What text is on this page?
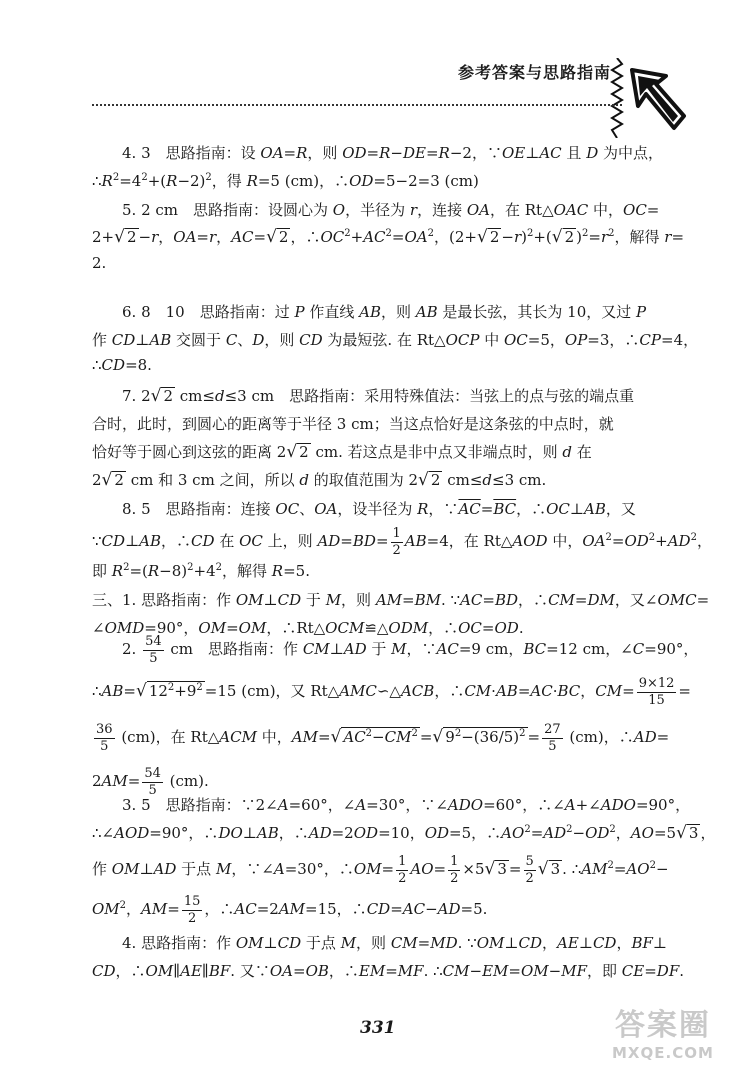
参考答案与思路指南
4. 3　思路指南：设 OA=R，则 OD=R−DE=R−2，∵OE⊥AC 且 D 为中点，
$\therefore R^2=4^2+(R-2)^2$，得 R=5 (cm)，∴OD=5−2=3 (cm)
5. 2 cm　思路指南：设圆心为 O，半径为 r，连接 OA，在 Rt△OAC 中，OC=
2+√ 2 −r，OA=r，AC=√ 2 ，$\therefore OC^2+AC^2=OA^2$，(2+√ 2 −r)$^2$+(√ 2 )$^2=r^2$，解得 r=
2.
6. 8　10　思路指南：过 P 作直线 AB，则 AB 是最长弦，其长为 10，又过 P
作 CD⊥AB 交圆于 C、D，则 CD 为最短弦. 在 Rt△OCP 中 OC=5，OP=3，∴CP=4，
∴CD=8.
7. 2√ 2 cm≤d≤3 cm　思路指南：采用特殊值法：当弦上的点与弦的端点重
合时，此时，到圆心的距离等于半径 3 cm；当这点恰好是这条弦的中点时，就
恰好等于圆心到这弦的距离 2√ 2 cm. 若这点是非中点又非端点时，则 d 在
2√ 2 cm 和 3 cm 之间，所以 d 的取值范围为 2√ 2 cm≤d≤3 cm.
8. 5　思路指南：连接 OC、OA，设半径为 R，$\because\overline{AC}=\overline{BC}$，∴OC⊥AB，又
∵CD⊥AB，∴CD 在 OC 上，则 $AD=BD= \frac{1}{2} AB=4$，在 Rt△AOD 中，$OA^2=OD^2+AD^2$，
即 $R^2=(R-8)^2+4^2$，解得 R=5.
三、1. 思路指南：作 OM⊥CD 于 M，则 AM=BM. ∵AC=BD，∴CM=DM，又∠OMC=
∠OMD=90°，OM=OM，∴Rt△OCM≌△ODM，∴OC=OD.
2. $\frac{54}{5}$ cm　思路指南：作 CM⊥AD 于 M，∵AC=9 cm，BC=12 cm，∠C=90°，
∴AB=√ $12^2+9^2 =15$ (cm)，又 Rt△AMC∽△ACB，∴CM·AB=AC·BC，$CM= \frac{9\times 12}{15}$ =
$\frac{36}{5} (cm)$，在 Rt△ACM 中，AM=√ $AC^2-CM^2$ =√ $9^2-(36/5)^2 = \frac{27}{5} (cm)$，∴AD=
$2AM= \frac{54}{5} (cm)$.
3. 5　思路指南：∵2∠A=60°，∠A=30°，∵∠ADO=60°，∴∠A+∠ADO=90°，
∴∠AOD=90°，∴DO⊥AB，∴AD=2OD=10，OD=5，$\therefore AO^2=AD^2-OD^2$，AO=5√ 3 ，
作 OM⊥AD 于点 M，∵∠A=30°，∴OM= $\frac{1}{2} AO= \frac{1}{2} \times 5√$ $3 = \frac{5}{2}$ √ 3 . $\therefore AM^2=AO^2-$
$OM^2$，$AM= \frac{15}{2}$ ，∴AC=2AM=15，∴CD=AC−AD=5.
4. 思路指南：作 OM⊥CD 于点 M，则 CM=MD. ∵OM⊥CD，AE⊥CD，BF⊥
CD，∴OM∥AE∥BF. 又∵OA=OB，∴EM=MF. ∴CM−EM=OM−MF，即 CE=DF.
331	答案圈
MXQE.COM
